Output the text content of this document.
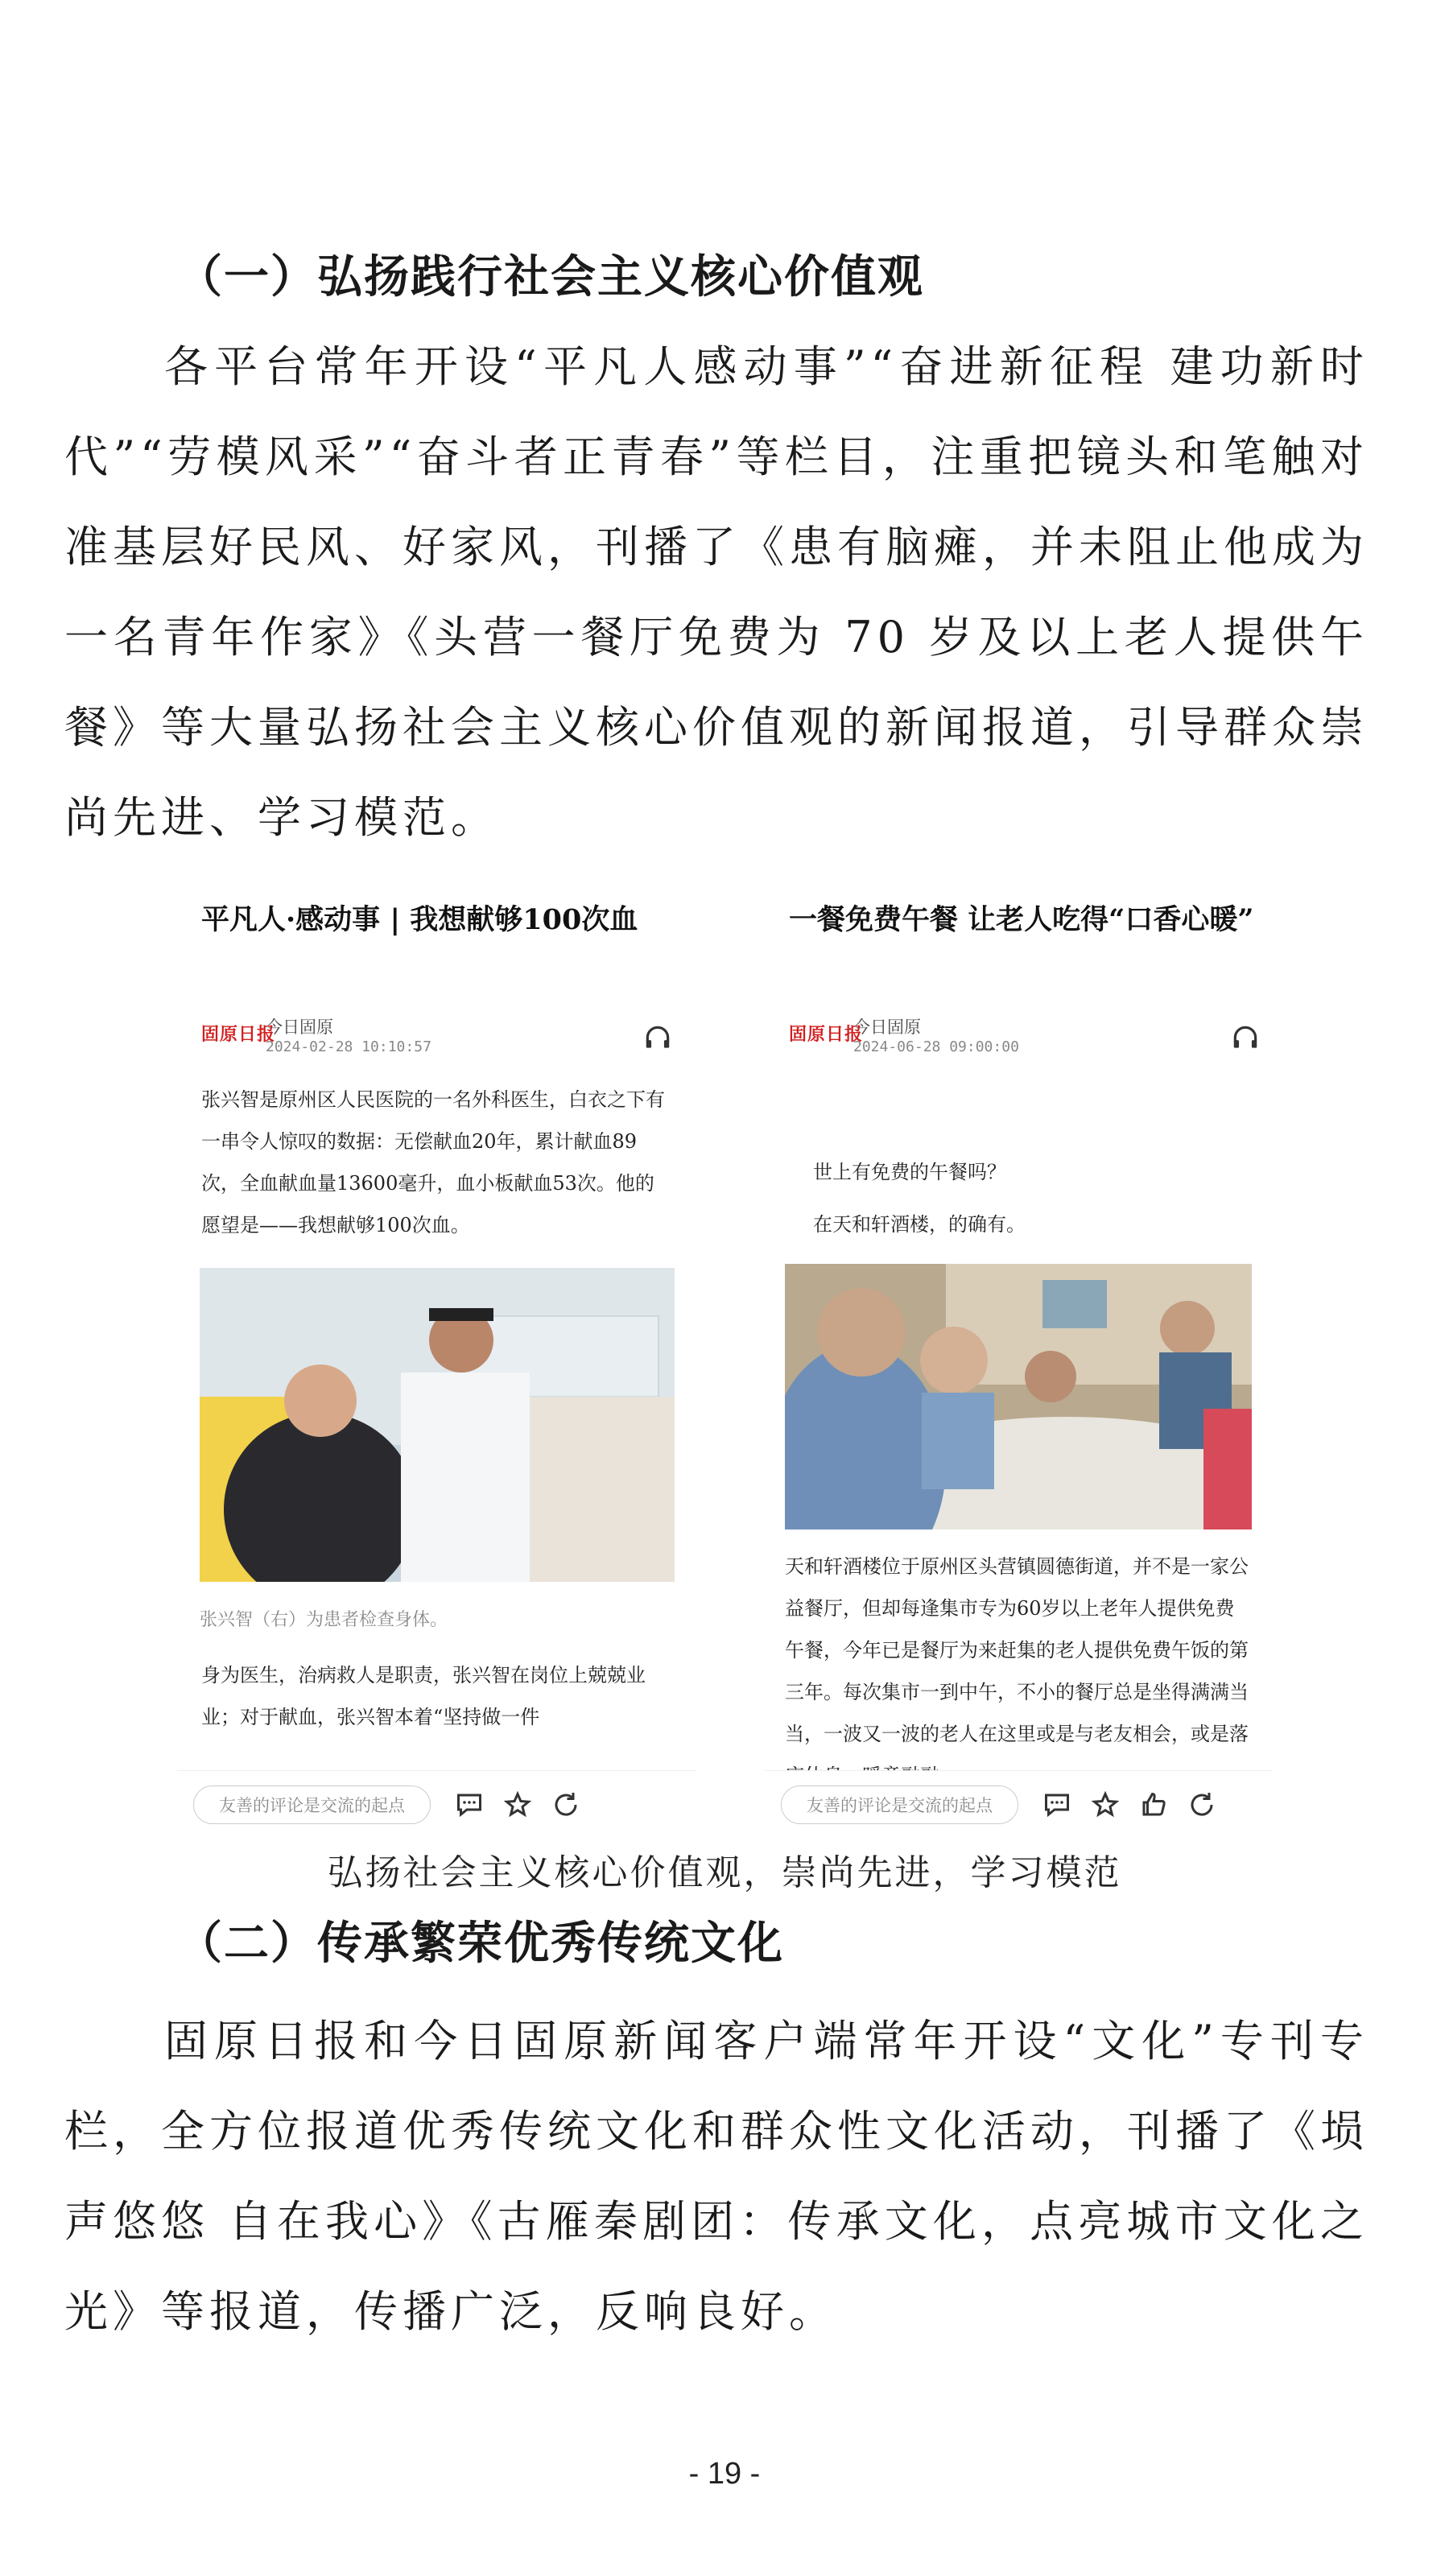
（一）弘扬践行社会主义核心价值观
各平台常年开设“平凡人感动事”“奋进新征程 建功新时代”“劳模风采”“奋斗者正青春”等栏目，注重把镜头和笔触对准基层好民风、好家风，刊播了《患有脑瘫，并未阻止他成为一名青年作家》《头营一餐厅免费为 70 岁及以上老人提供午餐》等大量弘扬社会主义核心价值观的新闻报道，引导群众崇尚先进、学习模范。
平凡人·感动事 | 我想献够100次血
固原日报
今日固原
2024-02-28 10:10:57
张兴智是原州区人民医院的一名外科医生，白衣之下有一串令人惊叹的数据：无偿献血20年，累计献血89次，全血献血量13600毫升，血小板献血53次。他的愿望是——我想献够100次血。
张兴智（右）为患者检查身体。
身为医生，治病救人是职责，张兴智在岗位上兢兢业业；对于献血，张兴智本着“坚持做一件
友善的评论是交流的起点
一餐免费午餐 让老人吃得“口香心暖”
固原日报
今日固原
2024-06-28 09:00:00
世上有免费的午餐吗？
在天和轩酒楼，的确有。
天和轩酒楼位于原州区头营镇圆德街道，并不是一家公益餐厅，但却每逢集市专为60岁以上老年人提供免费午餐，今年已是餐厅为来赶集的老人提供免费午饭的第三年。每次集市一到中午，不小的餐厅总是坐得满满当当，一波又一波的老人在这里或是与老友相会，或是落
友善的评论是交流的起点
弘扬社会主义核心价值观，崇尚先进，学习模范
（二）传承繁荣优秀传统文化
固原日报和今日固原新闻客户端常年开设“文化”专刊专栏，全方位报道优秀传统文化和群众性文化活动，刊播了《埙声悠悠 自在我心》《古雁秦剧团：传承文化，点亮城市文化之光》等报道，传播广泛，反响良好。
- 19 -
